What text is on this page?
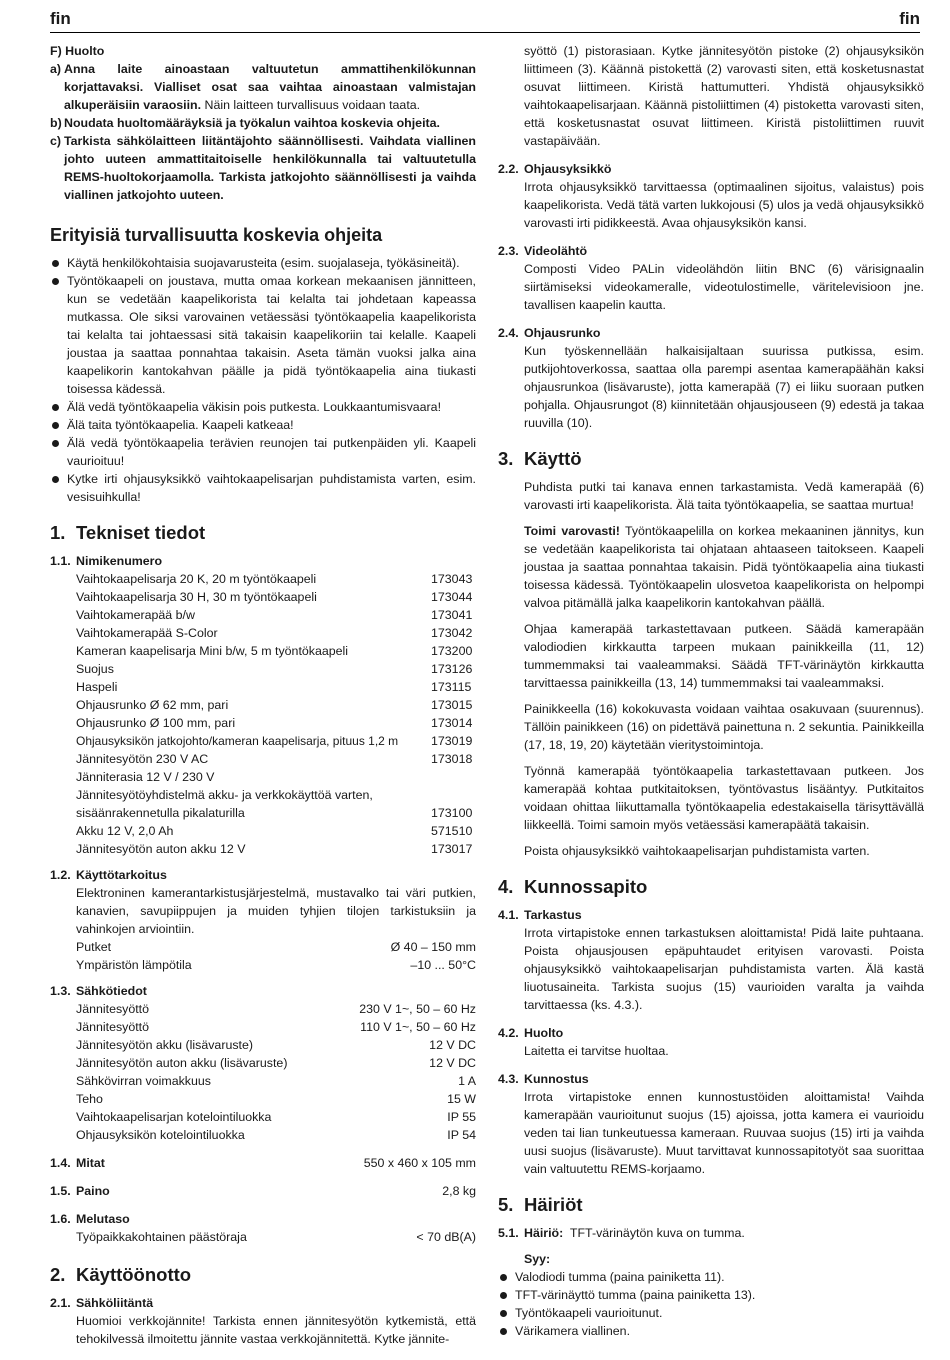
fin	fin

F) Huolto

a) Anna laite ainoastaan valtuutetun ammattihenkilökunnan korjattavaksi. Vialliset osat saa vaihtaa ainoastaan valmistajan alkuperäisiin varaosiin. Näin laitteen turvallisuus voidaan taata.
b) Noudata huoltomääräyksiä ja työkalun vaihtoa koskevia ohjeita.
c) Tarkista sähkölaitteen liitäntäjohto säännöllisesti. Vaihdata viallinen johto uuteen ammattitaitoiselle henkilökunnalla tai valtuutetulla REMS-huoltokorjaamolla. Tarkista jatkojohto säännöllisesti ja vaihda viallinen jatkojohto uuteen.
Erityisiä turvallisuutta koskevia ohjeita
Käytä henkilökohtaisia suojavarusteita (esim. suojalaseja, työkäsineitä).
Työntökaapeli on joustava, mutta omaa korkean mekaanisen jännitteen, kun se vedetään kaapelikorista tai kelalta tai johdetaan kapeassa mutkassa. Ole siksi varovainen vetäessäsi työntökaapelia kaapelikorista tai kelalta tai johtaessasi sitä takaisin kaapelikoriin tai kelalle. Kaapeli joustaa ja saattaa ponnahtaa takaisin. Aseta tämän vuoksi jalka aina kaapelikorin kantokahvan päälle ja pidä työntökaapelia aina tiukasti toisessa kädessä.
Älä vedä työntökaapelia väkisin pois putkesta. Loukkaantumisvaara!
Älä taita työntökaapelia. Kaapeli katkeaa!
Älä vedä työntökaapelia terävien reunojen tai putkenpäiden yli. Kaapeli vaurioituu!
Kytke irti ohjausyksikkö vaihtokaapelisarjan puhdistamista varten, esim. vesisuihkulla!
1. Tekniset tiedot
1.1. Nimikenumero
Vaihtokaapelisarja 20 K, 20 m työntökaapeli	173043
Vaihtokaapelisarja 30 H, 30 m työntökaapeli	173044
Vaihtokamerapää b/w	173041
Vaihtokamerapää S-Color	173042
Kameran kaapelisarja Mini b/w, 5 m työntökaapeli	173200
Suojus	173126
Haspeli	173115
Ohjausrunko Ø 62 mm, pari	173015
Ohjausrunko Ø 100 mm, pari	173014
Ohjausyksikön jatkojohto/kameran kaapelisarja, pituus 1,2 m	173019
Jännitesyötön 230 V AC	173018
Jänniterasia 12 V / 230 V
Jännitesyötöyhdistelmä akku- ja verkkokäyttöä varten,
sisäänrakennetulla pikalaturilla	173100
Akku 12 V, 2,0 Ah	571510
Jännitesyötön auton akku 12 V	173017
1.2. Käyttötarkoitus

Elektroninen kamerantarkistusjärjestelmä, mustavalko tai väri putkien, kanavien, savupiippujen ja muiden tyhjien tilojen tarkistuksiin ja vahinkojen arviointiin.

Putket	Ø 40 – 150 mm
Ympäristön lämpötila	–10 ... 50°C
1.3. Sähkötiedot
Jännitesyöttö	230 V 1~, 50 – 60 Hz
Jännitesyöttö	110 V 1~, 50 – 60 Hz
Jännitesyötön akku (lisävaruste)	12 V DC
Jännitesyötön auton akku (lisävaruste)	12 V DC
Sähkövirran voimakkuus	1 A
Teho	15 W
Vaihtokaapelisarjan kotelointiluokka	IP 55
Ohjausyksikön kotelointiluokka	IP 54
1.4. Mitat	550 x 460 x 105 mm
1.5. Paino	2,8 kg
1.6. Melutaso
Työpaikkakohtainen päästöraja	< 70 dB(A)
2. Käyttöönotto
2.1. Sähköliitäntä

Huomioi verkkojännite! Tarkista ennen jännitesyötön kytkemistä, että tehokilvessä ilmoitettu jännite vastaa verkkojännitettä. Kytke jännite-

syöttö (1) pistorasiaan. Kytke jännitesyötön pistoke (2) ohjausyksikön liittimeen (3). Käännä pistokettä (2) varovasti siten, että kosketusnastat osuvat liittimeen. Kiristä hattumutteri. Yhdistä ohjausyksikkö vaihtokaapelisarjaan. Käännä pistoliittimen (4) pistoketta varovasti siten, että kosketusnastat osuvat liittimeen. Kiristä pistoliittimen ruuvit vastapäivään.

2.2. Ohjausyksikkö

Irrota ohjausyksikkö tarvittaessa (optimaalinen sijoitus, valaistus) pois kaapelikorista. Vedä tätä varten lukkojousi (5) ulos ja vedä ohjausyksikkö varovasti irti pidikkeestä. Avaa ohjausyksikön kansi.

2.3. Videolähtö

Composti Video PALin videolähdön liitin BNC (6) värisignaalin siirtämiseksi videokameralle, videotulostimelle, väritelevisioon jne. tavallisen kaapelin kautta.

2.4. Ohjausrunko

Kun työskennellään halkaisijaltaan suurissa putkissa, esim. putkijohtoverkossa, saattaa olla parempi asentaa kamerapäähän kaksi ohjausrunkoa (lisävaruste), jotta kamerapää (7) ei liiku suoraan putken pohjalla. Ohjausrungot (8) kiinnitetään ohjausjouseen (9) edestä ja takaa ruuvilla (10).

3. Käyttö

Puhdista putki tai kanava ennen tarkastamista. Vedä kamerapää (6) varovasti irti kaapelikorista. Älä taita työntökaapelia, se saattaa murtua!

Toimi varovasti! Työntökaapelilla on korkea mekaaninen jännitys, kun se vedetään kaapelikorista tai ohjataan ahtaaseen taitokseen. Kaapeli joustaa ja saattaa ponnahtaa takaisin. Pidä työntökaapelia aina tiukasti toisessa kädessä. Työntökaapelin ulosvetoa kaapelikorista on helpompi valvoa pitämällä jalka kaapelikorin kantokahvan päällä.

Ohjaa kamerapää tarkastettavaan putkeen. Säädä kamerapään valodiodien kirkkautta tarpeen mukaan painikkeilla (11, 12) tummemmaksi tai vaaleammaksi. Säädä TFT-värinäytön kirkkautta tarvittaessa painikkeilla (13, 14) tummemmaksi tai vaaleammaksi.

Painikkeella (16) kokokuvasta voidaan vaihtaa osakuvaan (suurennus). Tällöin painikkeen (16) on pidettävä painettuna n. 2 sekuntia. Painikkeilla (17, 18, 19, 20) käytetään vieritystoimintoja.

Työnnä kamerapää työntökaapelia tarkastettavaan putkeen. Jos kamerapää kohtaa putkitaitoksen, työntövastus lisääntyy. Putkitaitos voidaan ohittaa liikuttamalla työntökaapelia edestakaisella tärisyttävällä liikkeellä. Toimi samoin myös vetäessäsi kamerapäätä takaisin.

Poista ohjausyksikkö vaihtokaapelisarjan puhdistamista varten.

4. Kunnossapito
4.1. Tarkastus

Irrota virtapistoke ennen tarkastuksen aloittamista! Pidä laite puhtaana. Poista ohjausjousen epäpuhtaudet erityisen varovasti. Poista ohjausyksikkö vaihtokaapelisarjan puhdistamista varten. Älä kastä liuotusaineita. Tarkista suojus (15) vaurioiden varalta ja vaihda tarvittaessa (ks. 4.3.).

4.2. Huolto

Laitetta ei tarvitse huoltaa.

4.3. Kunnostus

Irrota virtapistoke ennen kunnostustöiden aloittamista! Vaihda kamerapään vaurioitunut suojus (15) ajoissa, jotta kamera ei vaurioidu veden tai lian tunkeutuessa kameraan. Ruuvaa suojus (15) irti ja vaihda uusi suojus (lisävaruste). Muut tarvittavat kunnossapitotyöt saa suorittaa vain valtuutettu REMS-korjaamo.

5. Häiriöt
5.1. Häiriö: TFT-värinäytön kuva on tumma.

Syy:

Valodiodi tumma (paina painiketta 11).
TFT-värinäyttö tumma (paina painiketta 13).
Työntökaapeli vaurioitunut.
Värikamera viallinen.
